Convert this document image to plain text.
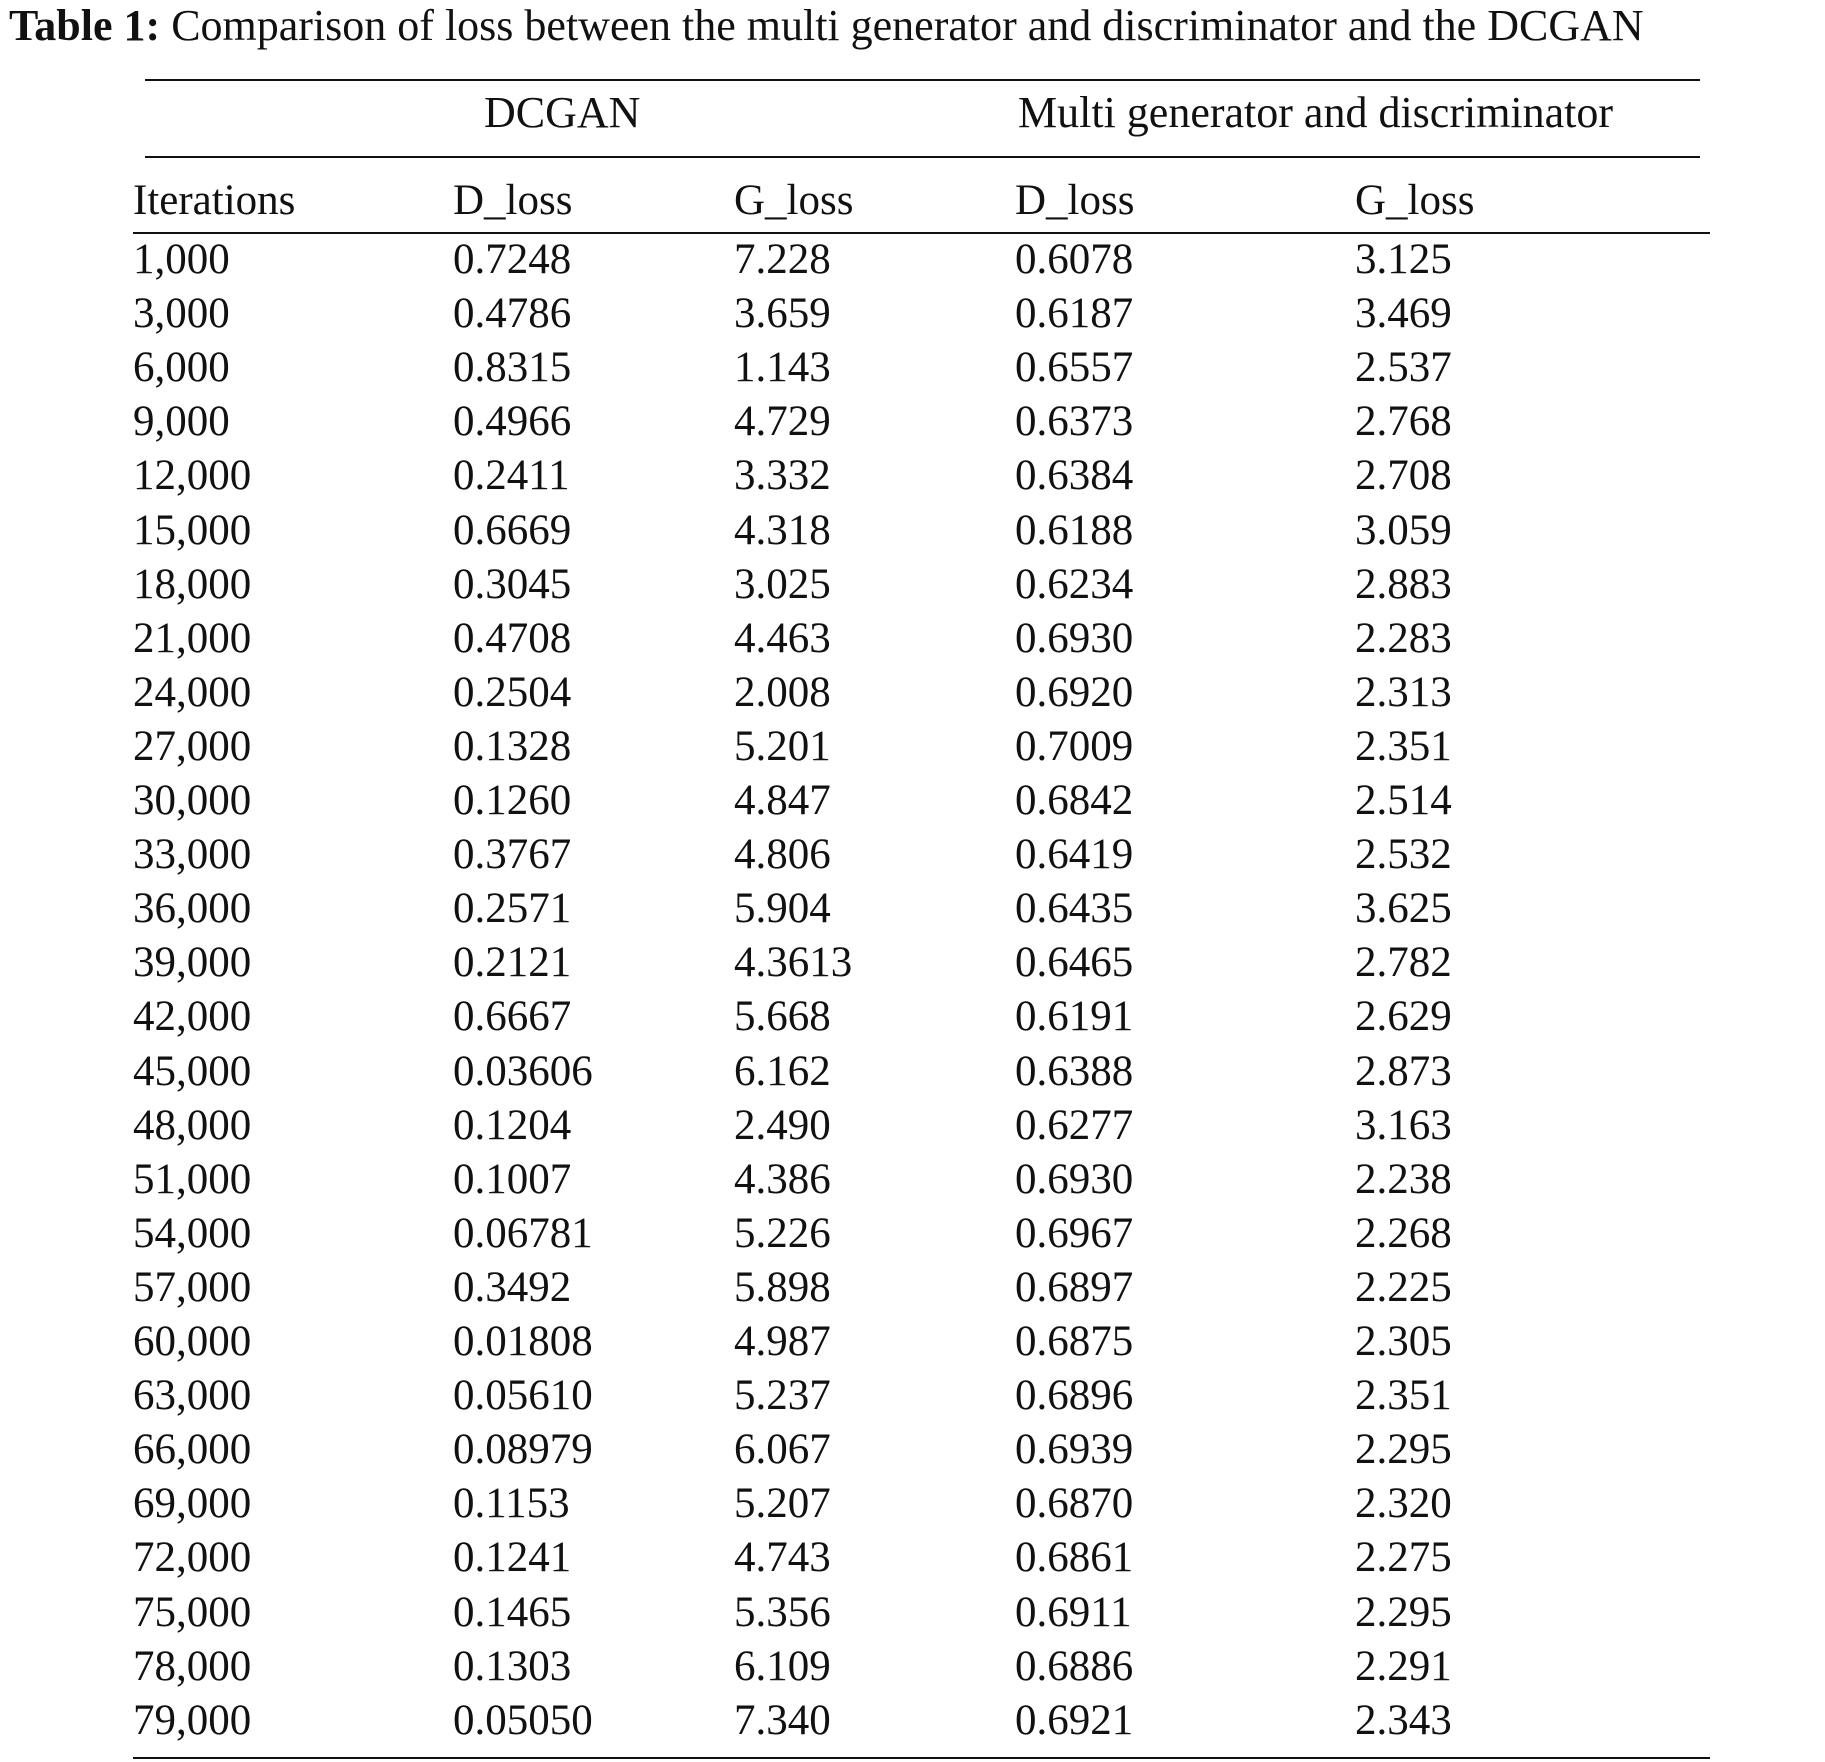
Table 1: Comparison of loss between the multi generator and discriminator and the DCGAN
DCGAN	Multi generator and discriminator
Iterations	D_loss	G_loss	D_loss	G_loss
1,000	0.7248	7.228	0.6078	3.125
3,000	0.4786	3.659	0.6187	3.469
6,000	0.8315	1.143	0.6557	2.537
9,000	0.4966	4.729	0.6373	2.768
12,000	0.2411	3.332	0.6384	2.708
15,000	0.6669	4.318	0.6188	3.059
18,000	0.3045	3.025	0.6234	2.883
21,000	0.4708	4.463	0.6930	2.283
24,000	0.2504	2.008	0.6920	2.313
27,000	0.1328	5.201	0.7009	2.351
30,000	0.1260	4.847	0.6842	2.514
33,000	0.3767	4.806	0.6419	2.532
36,000	0.2571	5.904	0.6435	3.625
39,000	0.2121	4.3613	0.6465	2.782
42,000	0.6667	5.668	0.6191	2.629
45,000	0.03606	6.162	0.6388	2.873
48,000	0.1204	2.490	0.6277	3.163
51,000	0.1007	4.386	0.6930	2.238
54,000	0.06781	5.226	0.6967	2.268
57,000	0.3492	5.898	0.6897	2.225
60,000	0.01808	4.987	0.6875	2.305
63,000	0.05610	5.237	0.6896	2.351
66,000	0.08979	6.067	0.6939	2.295
69,000	0.1153	5.207	0.6870	2.320
72,000	0.1241	4.743	0.6861	2.275
75,000	0.1465	5.356	0.6911	2.295
78,000	0.1303	6.109	0.6886	2.291
79,000	0.05050	7.340	0.6921	2.343
